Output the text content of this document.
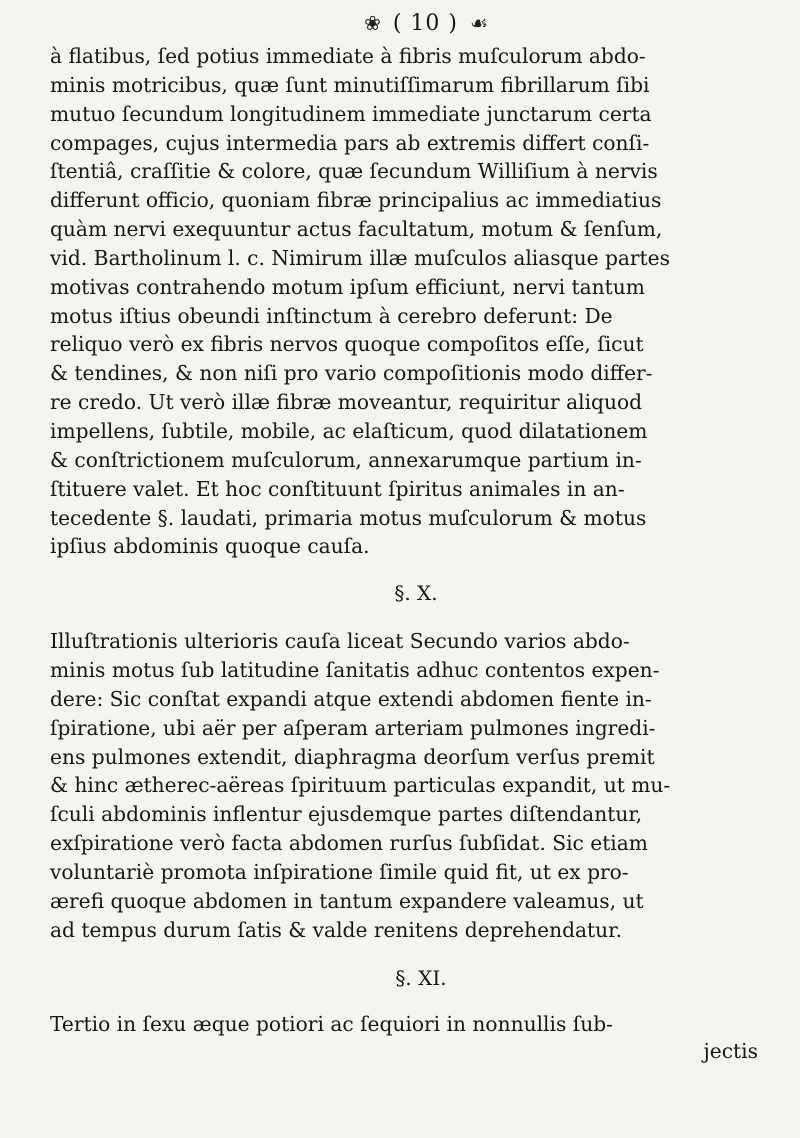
❀ ( 10 ) ☙

à flatibus, ſed potius immediate à fibris muſculorum abdo-
minis motricibus, quæ ſunt minutiſſimarum fibrillarum ſibi
mutuo ſecundum longitudinem immediate junctarum certa
compages, cujus intermedia pars ab extremis differt conſi-
ſtentiâ, craſſitie & colore, quæ ſecundum Williſium à nervis
differunt officio, quoniam fibræ principalius ac immediatius
quàm nervi exequuntur actus facultatum, motum & ſenſum,
vid. Bartholinum l. c. Nimirum illæ muſculos aliasque partes
motivas contrahendo motum ipſum efficiunt, nervi tantum
motus iſtius obeundi inſtinctum à cerebro deferunt: De
reliquo verò ex fibris nervos quoque compoſitos eſſe, ſicut
& tendines, & non niſi pro vario compoſitionis modo differ-
re credo. Ut verò illæ fibræ moveantur, requiritur aliquod
impellens, ſubtile, mobile, ac elaſticum, quod dilatationem
& conſtrictionem muſculorum, annexarumque partium in-
ſtituere valet. Et hoc conſtituunt ſpiritus animales in an-
tecedente §. laudati, primaria motus muſculorum & motus
ipſius abdominis quoque cauſa.

§. X.

Illuſtrationis ulterioris cauſa liceat Secundo varios abdo-
minis motus ſub latitudine ſanitatis adhuc contentos expen-
dere: Sic conſtat expandi atque extendi abdomen fiente in-
ſpiratione, ubi aër per aſperam arteriam pulmones ingredi-
ens pulmones extendit, diaphragma deorſum verſus premit
& hinc ætherec-aëreas ſpirituum particulas expandit, ut mu-
ſculi abdominis inflentur ejusdemque partes diſtendantur,
exſpiratione verò facta abdomen rurſus ſubſidat. Sic etiam
voluntariè promota inſpiratione ſimile quid fit, ut ex pro-
ærefi quoque abdomen in tantum expandere valeamus, ut
ad tempus durum ſatis & valde renitens deprehendatur.

§. XI.

Tertio in ſexu æque potiori ac ſequiori in nonnullis ſub-

jectis
